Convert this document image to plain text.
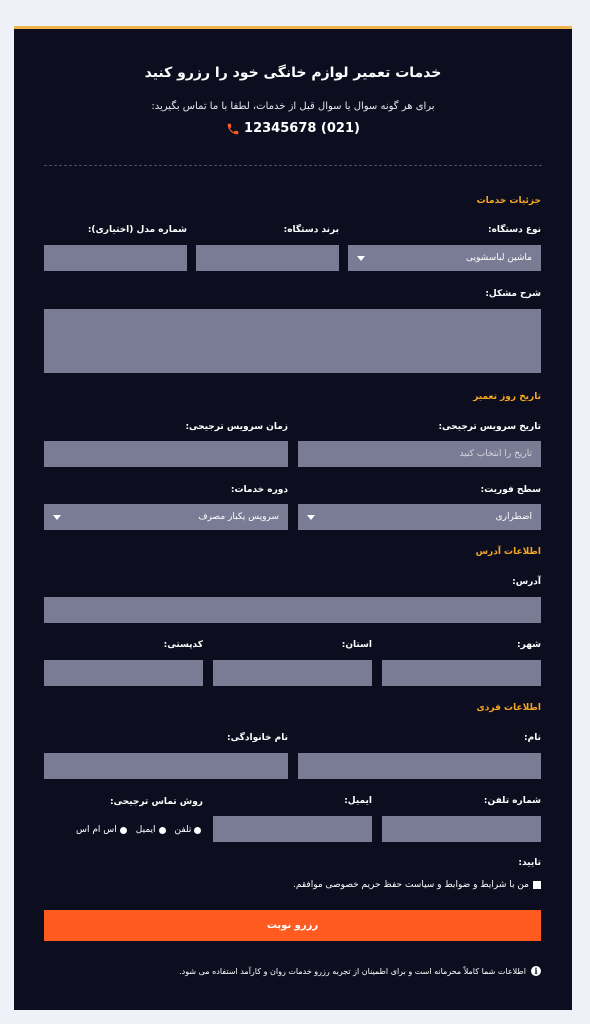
خدمات تعمیر لوازم خانگی خود را رزرو کنید
برای هر گونه سوال یا سوال قبل از خدمات، لطفا با ما تماس بگیرید:
12345678 (021)
جزئیات خدمات
نوع دستگاه:
برند دستگاه:
شماره مدل (اختیاری):
ماشین لباسشویی
شرح مشکل:
تاریخ روز تعمیر
تاریخ سرویس ترجیحی:
زمان سرویس ترجیحی:
تاریخ را انتخاب کنید
سطح فوریت:
دوره خدمات:
اضطراری
سرویس یکبار مصرف
اطلاعات آدرس
آدرس:
شهر:
استان:
کدپستی:
اطلاعات فردی
نام:
نام خانوادگی:
شماره تلفن:
ایمیل:
روش تماس ترجیحی:
تلفن
ایمیل
اس ام اس
تایید:
من با شرایط و ضوابط و سیاست حفظ حریم خصوصی موافقم.
رزرو نوبت
i
اطلاعات شما کاملاً محرمانه است و برای اطمینان از تجربه رزرو خدمات روان و کارآمد استفاده می شود.
